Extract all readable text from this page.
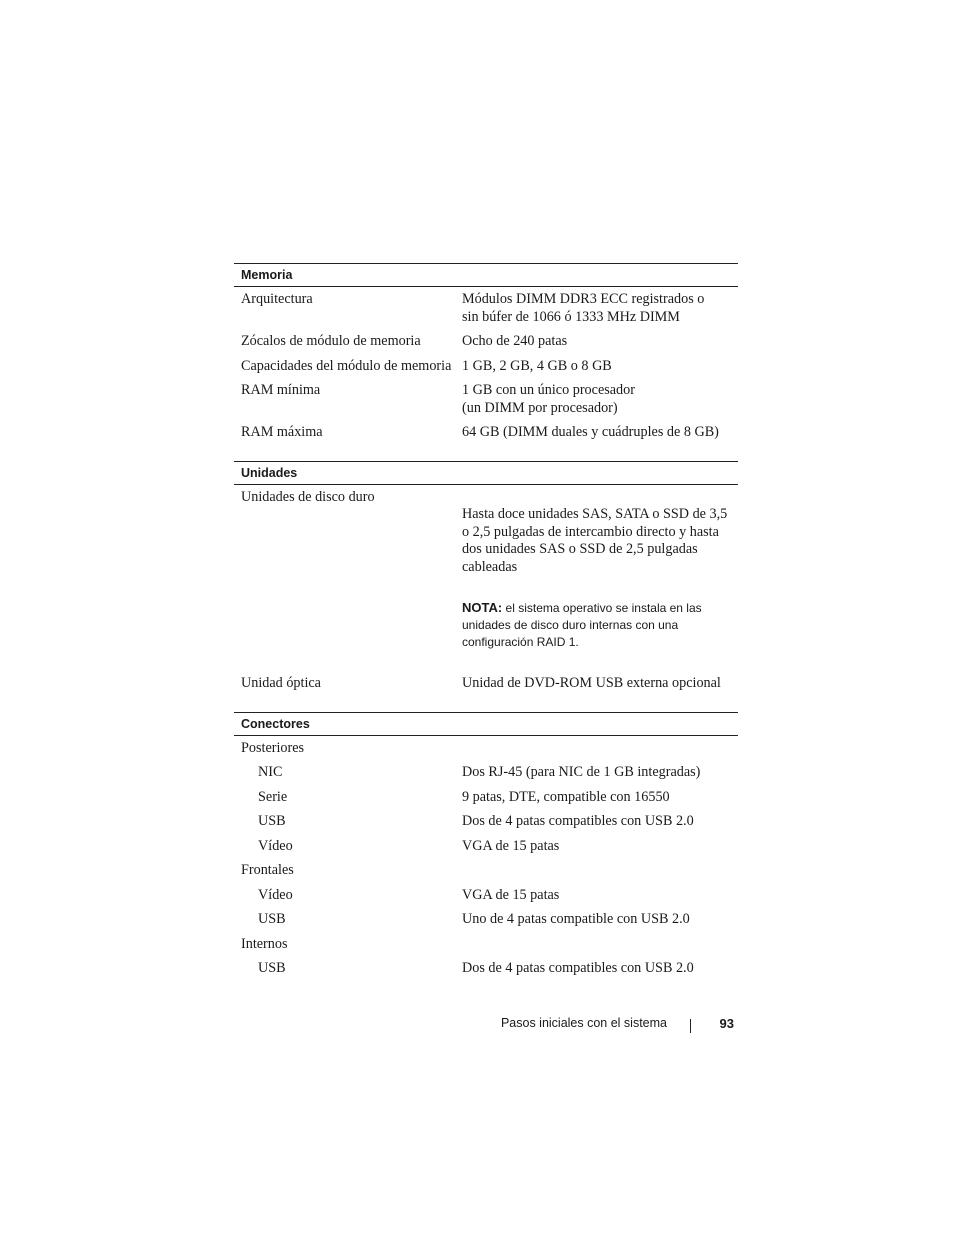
Memoria
Arquitectura	Módulos DIMM DDR3 ECC registrados o
sin búfer de 1066 ó 1333 MHz DIMM
Zócalos de módulo de memoria	Ocho de 240 patas
Capacidades del módulo de memoria 1 GB, 2 GB, 4 GB o 8 GB
RAM mínima	1 GB con un único procesador
(un DIMM por procesador)
RAM máxima	64 GB (DIMM duales y cuádruples de 8 GB)
Unidades
Unidades de disco duro

Hasta doce unidades SAS, SATA o SSD de 3,5
o 2,5 pulgadas de intercambio directo y hasta
dos unidades SAS o SSD de 2,5 pulgadas
cableadas

NOTA: el sistema operativo se instala en las
unidades de disco duro internas con una
configuración RAID 1.

Unidad óptica	Unidad de DVD-ROM USB externa opcional
Conectores
Posteriores
NIC	Dos RJ-45 (para NIC de 1 GB integradas)
Serie	9 patas, DTE, compatible con 16550
USB	Dos de 4 patas compatibles con USB 2.0
Vídeo	VGA de 15 patas
Frontales
Vídeo	VGA de 15 patas
USB	Uno de 4 patas compatible con USB 2.0
Internos
USB	Dos de 4 patas compatibles con USB 2.0
Pasos iniciales con el sistema	93
